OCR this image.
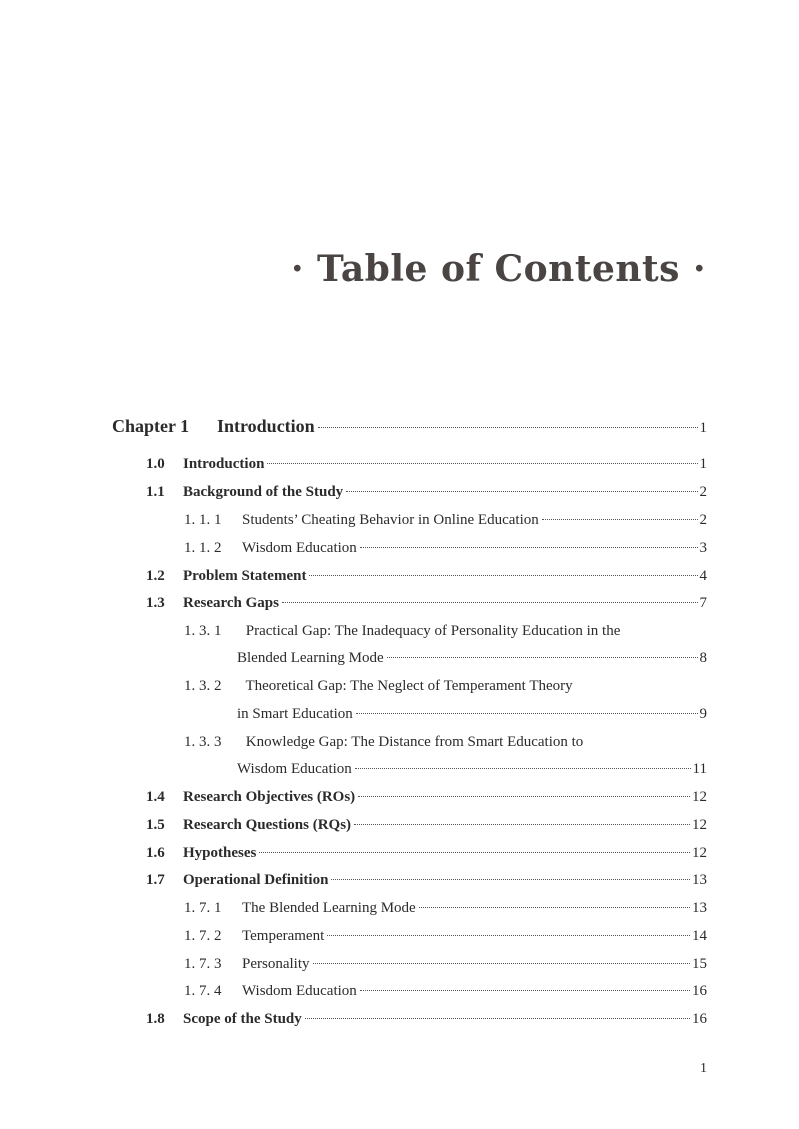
· Table of Contents ·
Chapter 1	Introduction	1
1.0	Introduction	1
1.1	Background of the Study	2
1. 1. 1	Students’ Cheating Behavior in Online Education	2
1. 1. 2	Wisdom Education	3
1.2	Problem Statement	4
1.3	Research Gaps	7
1. 3. 1 Practical Gap: The Inadequacy of Personality Education in the
Blended Learning Mode	8
1. 3. 2 Theoretical Gap: The Neglect of Temperament Theory
in Smart Education	9
1. 3. 3 Knowledge Gap: The Distance from Smart Education to
Wisdom Education	11
1.4	Research Objectives (ROs)	12
1.5	Research Questions (RQs)	12
1.6	Hypotheses	12
1.7	Operational Definition	13
1. 7. 1	The Blended Learning Mode	13
1. 7. 2	Temperament	14
1. 7. 3	Personality	15
1. 7. 4	Wisdom Education	16
1.8	Scope of the Study	16
1
